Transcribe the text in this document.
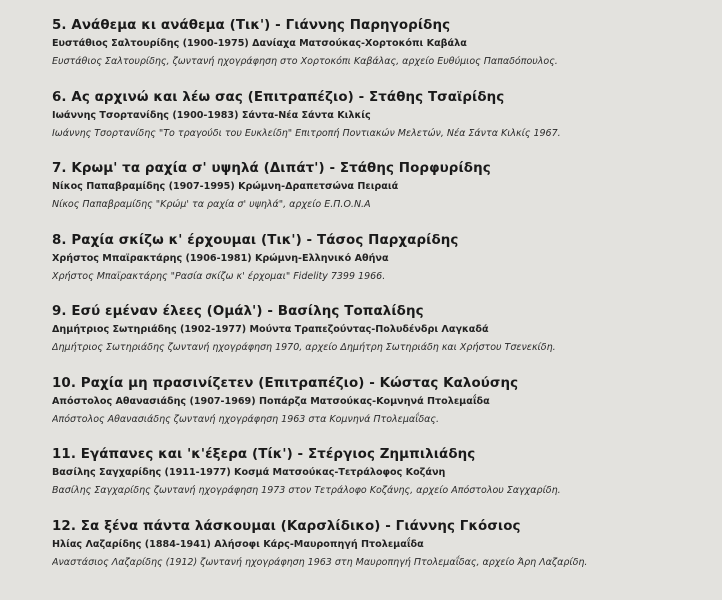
5. Ανάθεμα κι ανάθεμα (Τικ') - Γιάννης Παρηγορίδης
Ευστάθιος Σαλτουρίδης (1900-1975) Δανίαχα Ματσούκας-Χορτοκόπι Καβάλα
Ευστάθιος Σαλτουρίδης, ζωντανή ηχογράφηση στο Χορτοκόπι Καβάλας, αρχείο Ευθύμιος Παπαδόπουλος.
6. Ας αρχινώ και λέω σας (Επιτραπέζιο) - Στάθης Τσαϊρίδης
Ιωάννης Τσορτανίδης (1900-1983) Σάντα-Νέα Σάντα Κιλκίς
Ιωάννης Τσορτανίδης "Το τραγούδι του Ευκλείδη" Επιτροπή Ποντιακών Μελετών, Νέα Σάντα Κιλκίς 1967.
7. Κρωμ' τα ραχία σ' υψηλά (Διπάτ') - Στάθης Πορφυρίδης
Νίκος Παπαβραμίδης (1907-1995) Κρώμνη-Δραπετσώνα Πειραιά
Νίκος Παπαβραμίδης "Κρώμ' τα ραχία σ' υψηλά", αρχείο Ε.Π.Ο.Ν.Α
8. Ραχία σκίζω κ' έρχουμαι (Τικ') - Τάσος Παρχαρίδης
Χρήστος Μπαϊρακτάρης (1906-1981) Κρώμνη-Ελληνικό Αθήνα
Χρήστος Μπαϊρακτάρης "Ρασία σκίζω κ' έρχομαι" Fidelity 7399 1966.
9. Εσύ εμέναν έλεες (Ομάλ') - Βασίλης Τοπαλίδης
Δημήτριος Σωτηριάδης (1902-1977) Μούντα Τραπεζούντας-Πολυδένδρι Λαγκαδά
Δημήτριος Σωτηριάδης ζωντανή ηχογράφηση 1970, αρχείο Δημήτρη Σωτηριάδη και Χρήστου Τσενεκίδη.
10. Ραχία μη πρασινίζετεν (Επιτραπέζιο) - Κώστας Καλούσης
Απόστολος Αθανασιάδης (1907-1969) Ποπάρζα Ματσούκας-Κομνηνά Πτολεμαΐδα
Απόστολος Αθανασιάδης ζωντανή ηχογράφηση 1963 στα Κομνηνά Πτολεμαΐδας.
11. Εγάπανες και 'κ'έξερα (Τίκ') - Στέργιος Ζημπιλιάδης
Βασίλης Σαγχαρίδης (1911-1977) Κοσμά Ματσούκας-Τετράλοφος Κοζάνη
Βασίλης Σαγχαρίδης ζωντανή ηχογράφηση 1973 στον Τετράλοφο Κοζάνης, αρχείο Απόστολου Σαγχαρίδη.
12. Σα ξένα πάντα λάσκουμαι (Καρσλίδικο) - Γιάννης Γκόσιος
Ηλίας Λαζαρίδης (1884-1941) Αλήσοφι Κάρς-Μαυροπηγή Πτολεμαΐδα
Αναστάσιος Λαζαρίδης (1912) ζωντανή ηχογράφηση 1963 στη Μαυροπηγή Πτολεμαΐδας, αρχείο Άρη Λαζαρίδη.
